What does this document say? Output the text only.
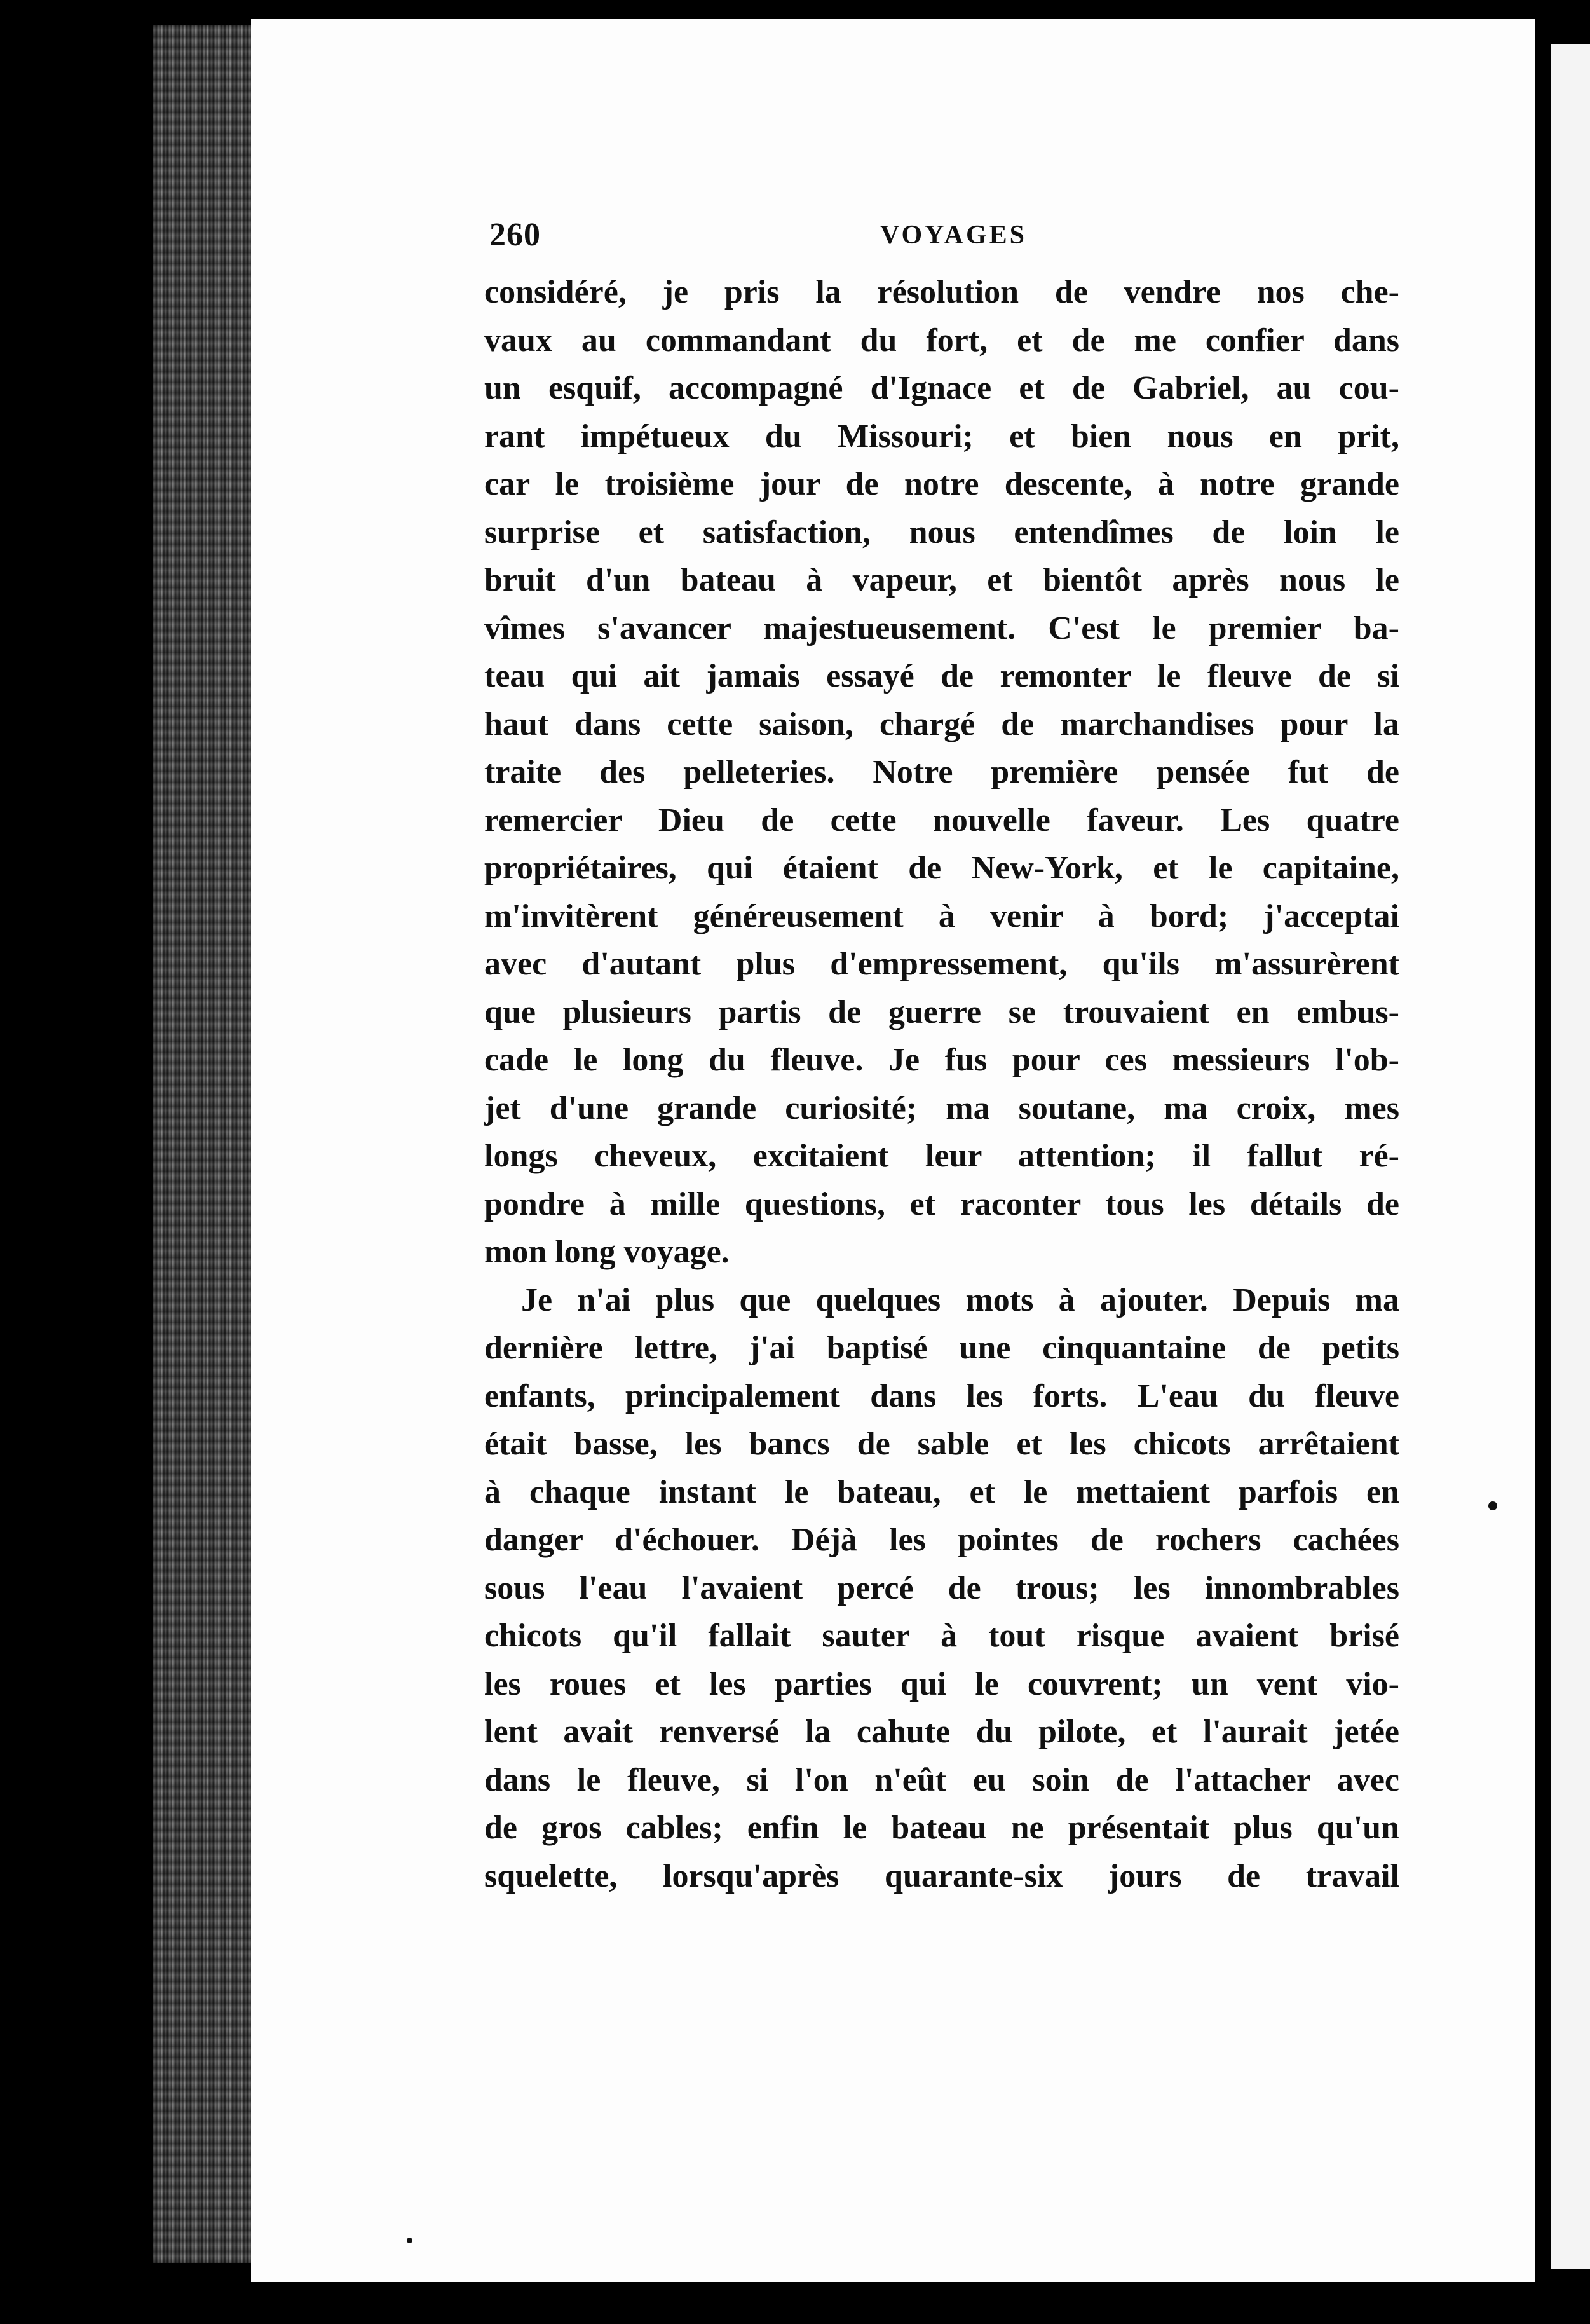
260	VOYAGES
considéré, je pris la résolution de vendre nos che-
vaux au commandant du fort, et de me confier dans
un esquif, accompagné d'Ignace et de Gabriel, au cou-
rant impétueux du Missouri; et bien nous en prit,
car le troisième jour de notre descente, à notre grande
surprise et satisfaction, nous entendîmes de loin le
bruit d'un bateau à vapeur, et bientôt après nous le
vîmes s'avancer majestueusement. C'est le premier ba-
teau qui ait jamais essayé de remonter le fleuve de si
haut dans cette saison, chargé de marchandises pour la
traite des pelleteries. Notre première pensée fut de
remercier Dieu de cette nouvelle faveur. Les quatre
propriétaires, qui étaient de New-York, et le capitaine,
m'invitèrent généreusement à venir à bord; j'acceptai
avec d'autant plus d'empressement, qu'ils m'assurèrent
que plusieurs partis de guerre se trouvaient en embus-
cade le long du fleuve. Je fus pour ces messieurs l'ob-
jet d'une grande curiosité; ma soutane, ma croix, mes
longs cheveux, excitaient leur attention; il fallut ré-
pondre à mille questions, et raconter tous les détails de
mon long voyage.
Je n'ai plus que quelques mots à ajouter. Depuis ma
dernière lettre, j'ai baptisé une cinquantaine de petits
enfants, principalement dans les forts. L'eau du fleuve
était basse, les bancs de sable et les chicots arrêtaient
à chaque instant le bateau, et le mettaient parfois en
danger d'échouer. Déjà les pointes de rochers cachées
sous l'eau l'avaient percé de trous; les innombrables
chicots qu'il fallait sauter à tout risque avaient brisé
les roues et les parties qui le couvrent; un vent vio-
lent avait renversé la cahute du pilote, et l'aurait jetée
dans le fleuve, si l'on n'eût eu soin de l'attacher avec
de gros cables; enfin le bateau ne présentait plus qu'un
squelette, lorsqu'après quarante-six jours de travail
